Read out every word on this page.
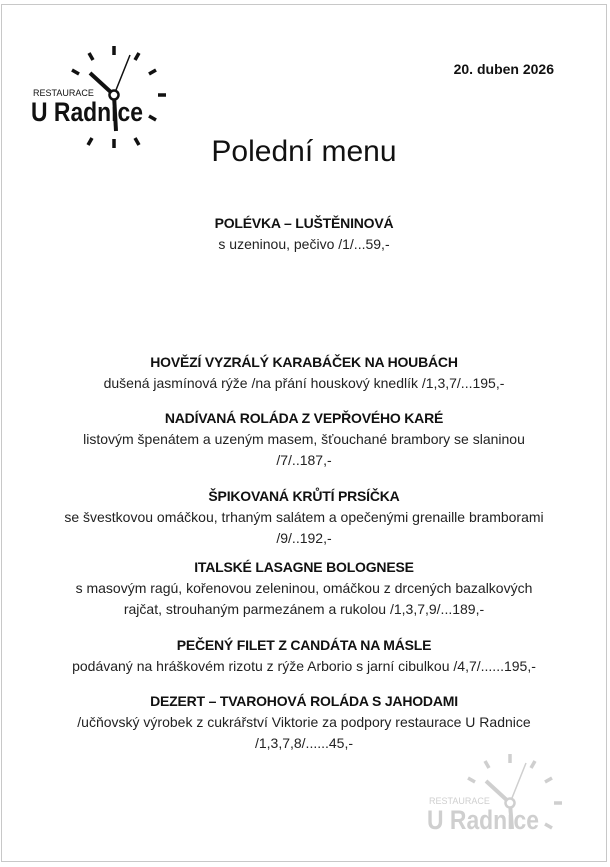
RESTAURACE
U Radnice
20. duben 2026
Polední menu
POLÉVKA – LUŠTĚNINOVÁ
s uzeninou, pečivo /1/...59,-
HOVĚZÍ VYZRÁLÝ KARABÁČEK NA HOUBÁCH
dušená jasmínová rýže /na přání houskový knedlík /1,3,7/...195,-
NADÍVANÁ ROLÁDA Z VEPŘOVÉHO KARÉ
listovým špenátem a uzeným masem, šťouchané brambory se slaninou
/7/..187,-
ŠPIKOVANÁ KRŮTÍ PRSÍČKA
se švestkovou omáčkou, trhaným salátem a opečenými grenaille bramborami
/9/..192,-
ITALSKÉ LASAGNE BOLOGNESE
s masovým ragú, kořenovou zeleninou, omáčkou z drcených bazalkových
rajčat, strouhaným parmezánem a rukolou /1,3,7,9/...189,-
PEČENÝ FILET Z CANDÁTA NA MÁSLE
podávaný na hráškovém rizotu z rýže Arborio s jarní cibulkou /4,7/......195,-
DEZERT – TVAROHOVÁ ROLÁDA S JAHODAMI
/učňovský výrobek z cukrářství Viktorie za podpory restaurace U Radnice
/1,3,7,8/......45,-
RESTAURACE
U Radnice
